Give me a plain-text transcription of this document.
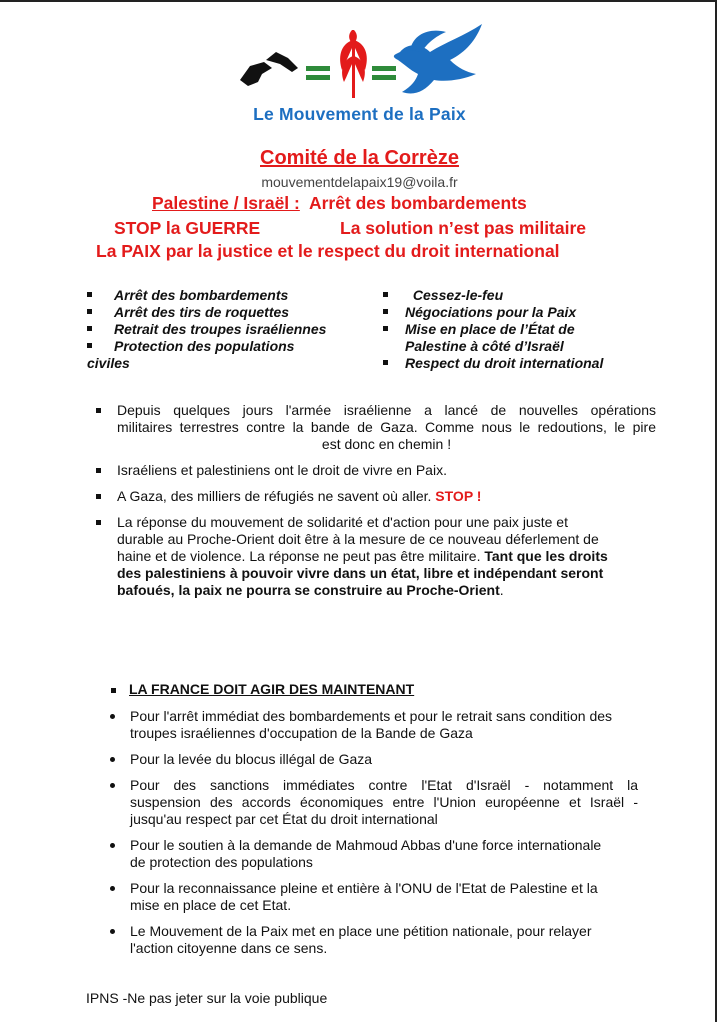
Le Mouvement de la Paix
Comité de la Corrèze
mouvementdelapaix19@voila.fr
Palestine / Israël : Arrêt des bombardements
STOP la GUERRE	La solution n’est pas militaire
La PAIX par la justice et le respect du droit international
Arrêt des bombardements
Arrêt des tirs de roquettes
Retrait des troupes israéliennes
Protection des populations
civiles
Cessez-le-feu
Négociations pour la Paix
Mise en place de l’État de
Palestine à côté d’Israël
Respect du droit international
Depuis quelques jours l'armée israélienne a lancé de nouvelles opérations
militaires terrestres contre la bande de Gaza. Comme nous le redoutions, le pire
est donc en chemin !
Israéliens et palestiniens ont le droit de vivre en Paix.
A Gaza, des milliers de réfugiés ne savent où aller. STOP !
La réponse du mouvement de solidarité et d'action pour une paix juste et
durable au Proche-Orient doit être à la mesure de ce nouveau déferlement de
haine et de violence. La réponse ne peut pas être militaire. Tant que les droits
des palestiniens à pouvoir vivre dans un état, libre et indépendant seront
bafoués, la paix ne pourra se construire au Proche-Orient.
LA FRANCE DOIT AGIR DES MAINTENANT
Pour l'arrêt immédiat des bombardements et pour le retrait sans condition des
troupes israéliennes d'occupation de la Bande de Gaza
Pour la levée du blocus illégal de Gaza
Pour des sanctions immédiates contre l'Etat d'Israël - notamment la
suspension des accords économiques entre l'Union européenne et Israël -
jusqu'au respect par cet État du droit international
Pour le soutien à la demande de Mahmoud Abbas d'une force internationale
de protection des populations
Pour la reconnaissance pleine et entière à l'ONU de l'Etat de Palestine et la
mise en place de cet Etat.
Le Mouvement de la Paix met en place une pétition nationale, pour relayer
l'action citoyenne dans ce sens.
IPNS -Ne pas jeter sur la voie publique
